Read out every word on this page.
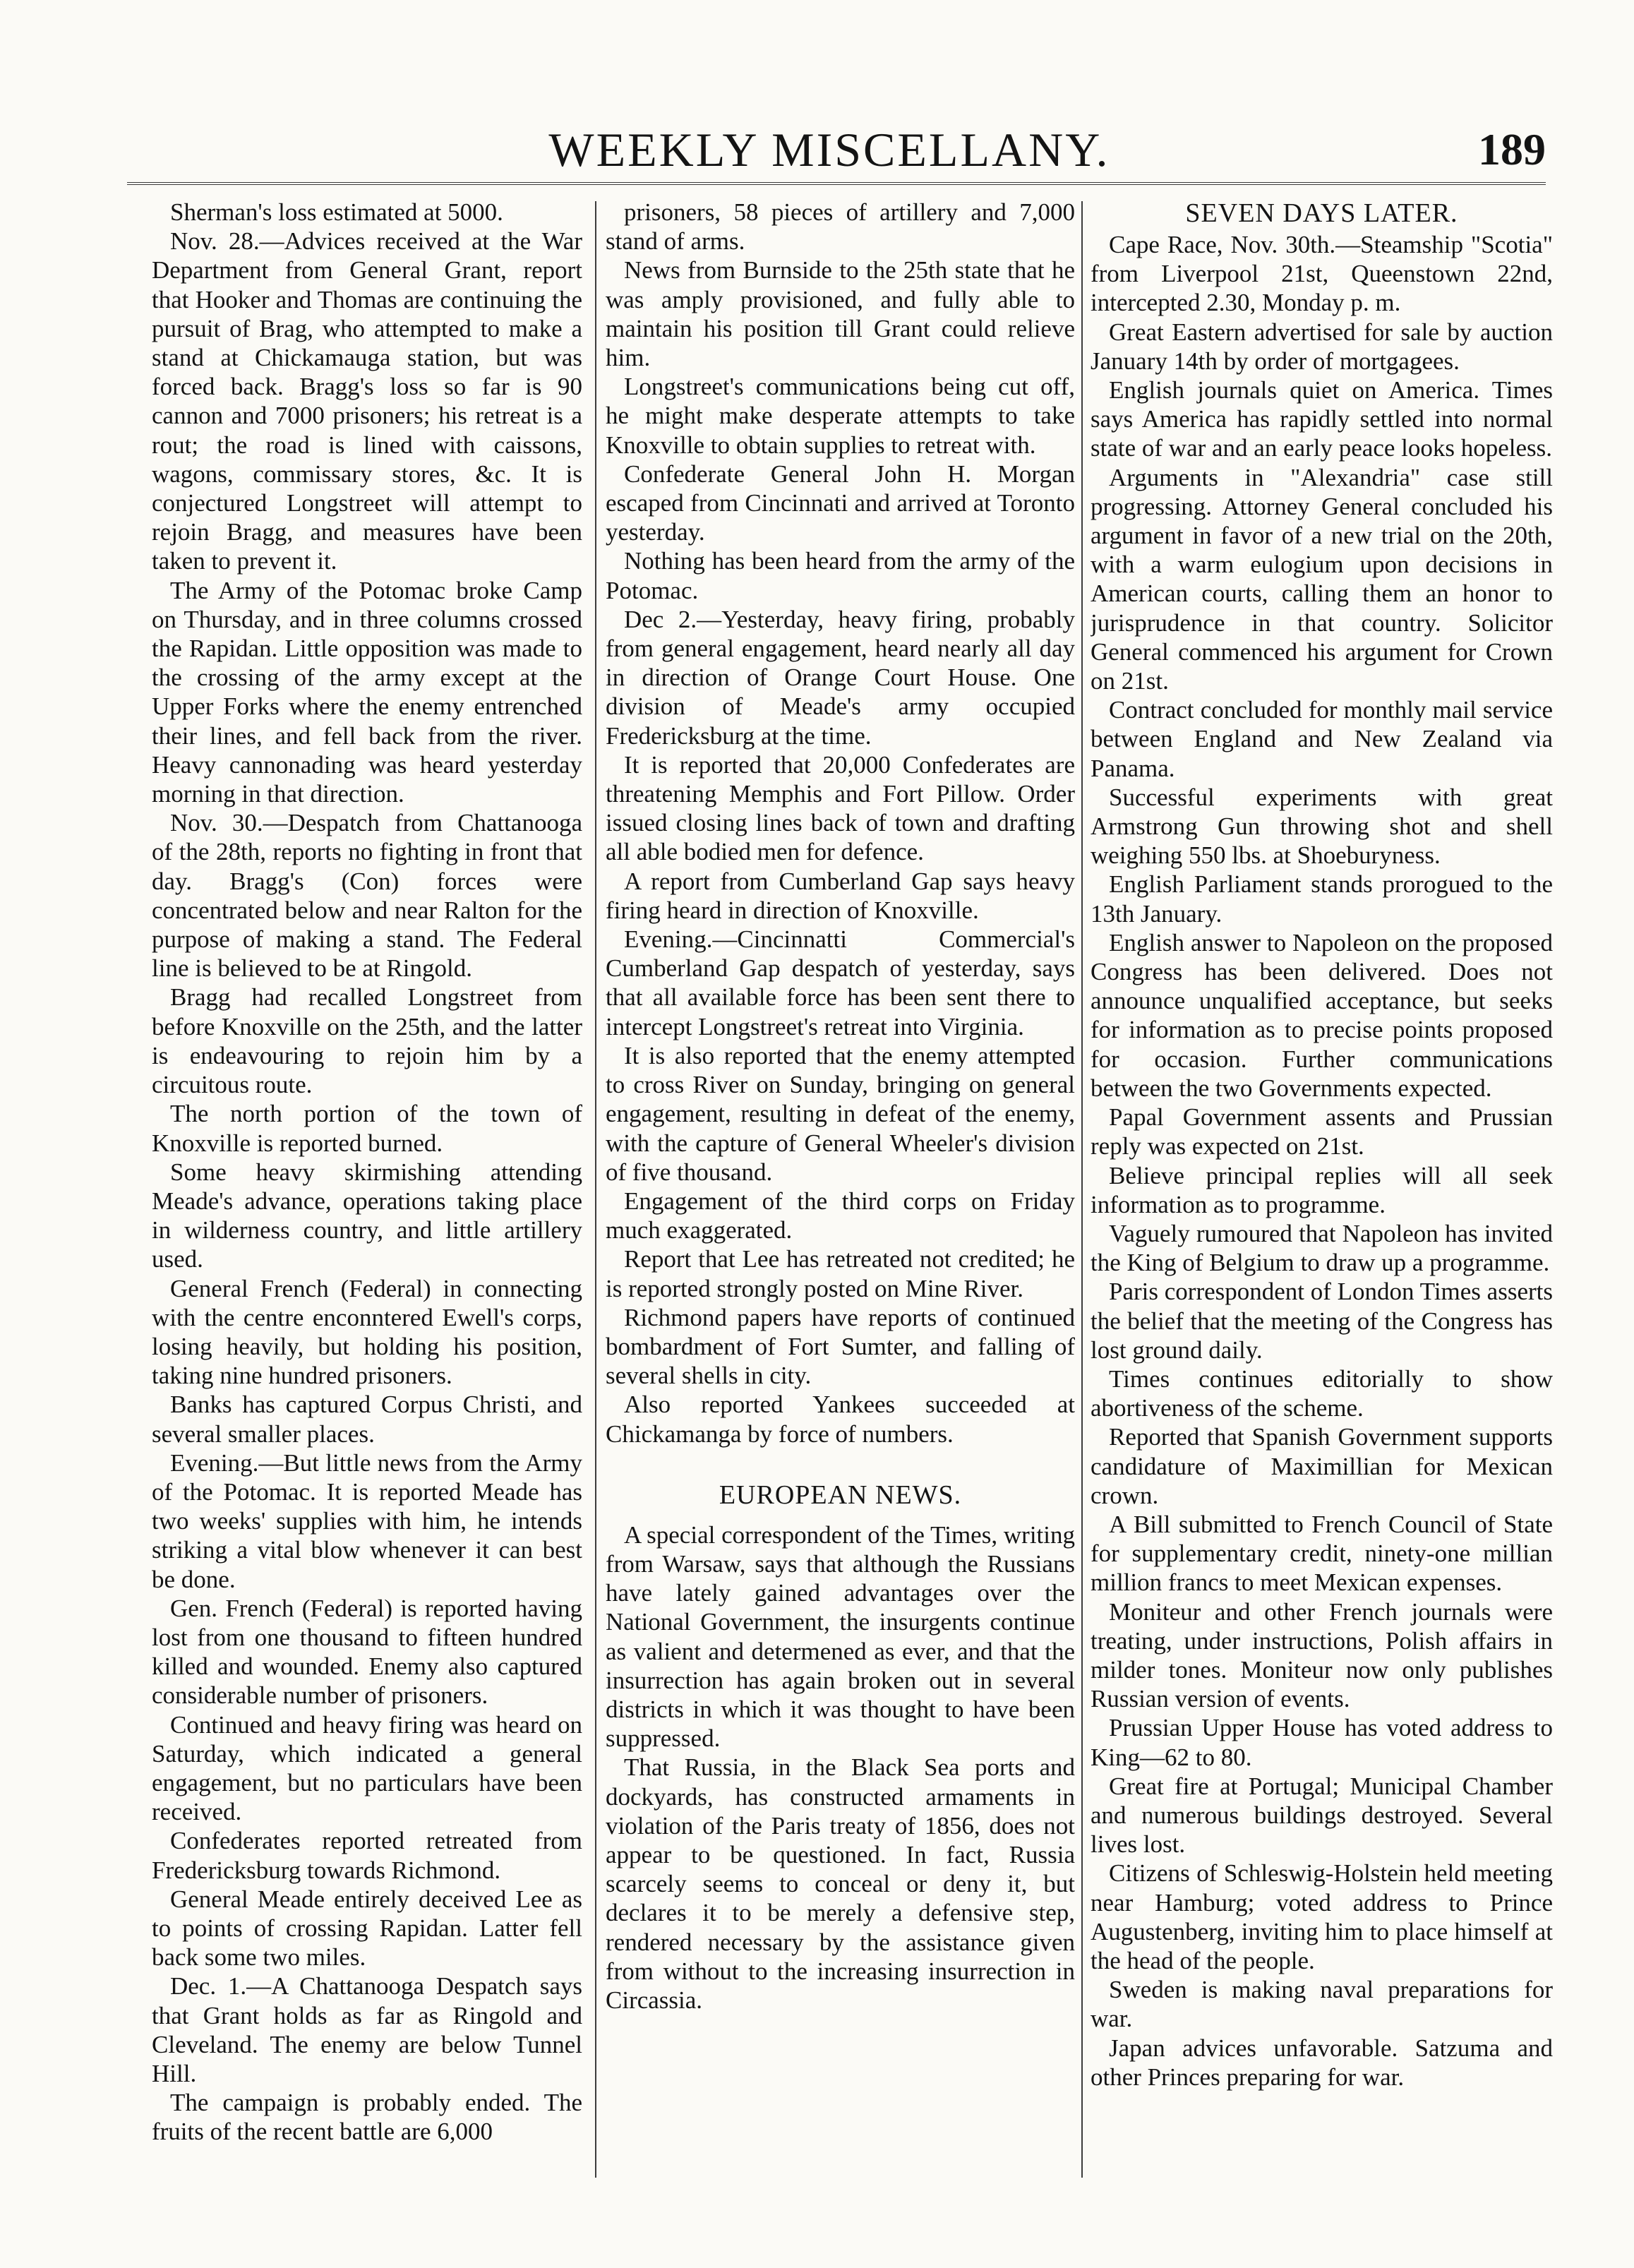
WEEKLY MISCELLANY.	189

Sherman's loss estimated at 5000.

Nov. 28.—Advices received at the War Department from General Grant, report that Hooker and Thomas are continuing the pursuit of Brag, who attempted to make a stand at Chickamauga station, but was forced back. Bragg's loss so far is 90 cannon and 7000 prisoners; his retreat is a rout; the road is lined with caissons, wagons, commissary stores, &c. It is conjectured Longstreet will attempt to rejoin Bragg, and measures have been taken to prevent it.

The Army of the Potomac broke Camp on Thursday, and in three columns crossed the Rapidan. Little opposition was made to the crossing of the army except at the Upper Forks where the enemy entrenched their lines, and fell back from the river. Heavy cannonading was heard yesterday morning in that direction.

Nov. 30.—Despatch from Chattanooga of the 28th, reports no fighting in front that day. Bragg's (Con) forces were concentrated below and near Ralton for the purpose of making a stand. The Federal line is believed to be at Ringold.

Bragg had recalled Longstreet from before Knoxville on the 25th, and the latter is endeavouring to rejoin him by a circuitous route.

The north portion of the town of Knoxville is reported burned.

Some heavy skirmishing attending Meade's advance, operations taking place in wilderness country, and little artillery used.

General French (Federal) in connecting with the centre enconntered Ewell's corps, losing heavily, but holding his position, taking nine hundred prisoners.

Banks has captured Corpus Christi, and several smaller places.

Evening.—But little news from the Army of the Potomac. It is reported Meade has two weeks' supplies with him, he intends striking a vital blow whenever it can best be done.

Gen. French (Federal) is reported having lost from one thousand to fifteen hundred killed and wounded. Enemy also captured considerable number of prisoners.

Continued and heavy firing was heard on Saturday, which indicated a general engagement, but no particulars have been received.

Confederates reported retreated from Fredericksburg towards Richmond.

General Meade entirely deceived Lee as to points of crossing Rapidan. Latter fell back some two miles.

Dec. 1.—A Chattanooga Despatch says that Grant holds as far as Ringold and Cleveland. The enemy are below Tunnel Hill.

The campaign is probably ended. The fruits of the recent battle are 6,000

prisoners, 58 pieces of artillery and 7,000 stand of arms.

News from Burnside to the 25th state that he was amply provisioned, and fully able to maintain his position till Grant could relieve him.

Longstreet's communications being cut off, he might make desperate attempts to take Knoxville to obtain supplies to retreat with.

Confederate General John H. Morgan escaped from Cincinnati and arrived at Toronto yesterday.

Nothing has been heard from the army of the Potomac.

Dec 2.—Yesterday, heavy firing, probably from general engagement, heard nearly all day in direction of Orange Court House. One division of Meade's army occupied Fredericksburg at the time.

It is reported that 20,000 Confederates are threatening Memphis and Fort Pillow. Order issued closing lines back of town and drafting all able bodied men for defence.

A report from Cumberland Gap says heavy firing heard in direction of Knoxville.

Evening.—Cincinnatti Commercial's Cumberland Gap despatch of yesterday, says that all available force has been sent there to intercept Longstreet's retreat into Virginia.

It is also reported that the enemy attempted to cross River on Sunday, bringing on general engagement, resulting in defeat of the enemy, with the capture of General Wheeler's division of five thousand.

Engagement of the third corps on Friday much exaggerated.

Report that Lee has retreated not credited; he is reported strongly posted on Mine River.

Richmond papers have reports of continued bombardment of Fort Sumter, and falling of several shells in city.

Also reported Yankees succeeded at Chickamanga by force of numbers.

EUROPEAN NEWS.

A special correspondent of the Times, writing from Warsaw, says that although the Russians have lately gained advantages over the National Government, the insurgents continue as valient and determened as ever, and that the insurrection has again broken out in several districts in which it was thought to have been suppressed.

That Russia, in the Black Sea ports and dockyards, has constructed armaments in violation of the Paris treaty of 1856, does not appear to be questioned. In fact, Russia scarcely seems to conceal or deny it, but declares it to be merely a defensive step, rendered necessary by the assistance given from without to the increasing insurrection in Circassia.

SEVEN DAYS LATER.

Cape Race, Nov. 30th.—Steamship "Scotia" from Liverpool 21st, Queenstown 22nd, intercepted 2.30, Monday p. m.

Great Eastern advertised for sale by auction January 14th by order of mortgagees.

English journals quiet on America. Times says America has rapidly settled into normal state of war and an early peace looks hopeless.

Arguments in "Alexandria" case still progressing. Attorney General concluded his argument in favor of a new trial on the 20th, with a warm eulogium upon decisions in American courts, calling them an honor to jurisprudence in that country. Solicitor General commenced his argument for Crown on 21st.

Contract concluded for monthly mail service between England and New Zealand via Panama.

Successful experiments with great Armstrong Gun throwing shot and shell weighing 550 lbs. at Shoeburyness.

English Parliament stands prorogued to the 13th January.

English answer to Napoleon on the proposed Congress has been delivered. Does not announce unqualified acceptance, but seeks for information as to precise points proposed for occasion. Further communications between the two Governments expected.

Papal Government assents and Prussian reply was expected on 21st.

Believe principal replies will all seek information as to programme.

Vaguely rumoured that Napoleon has invited the King of Belgium to draw up a programme.

Paris correspondent of London Times asserts the belief that the meeting of the Congress has lost ground daily.

Times continues editorially to show abortiveness of the scheme.

Reported that Spanish Government supports candidature of Maximillian for Mexican crown.

A Bill submitted to French Council of State for supplementary credit, ninety-one millian million francs to meet Mexican expenses.

Moniteur and other French journals were treating, under instructions, Polish affairs in milder tones. Moniteur now only publishes Russian version of events.

Prussian Upper House has voted address to King—62 to 80.

Great fire at Portugal; Municipal Chamber and numerous buildings destroyed. Several lives lost.

Citizens of Schleswig-Holstein held meeting near Hamburg; voted address to Prince Augustenberg, inviting him to place himself at the head of the people.

Sweden is making naval preparations for war.

Japan advices unfavorable. Satzuma and other Princes preparing for war.
